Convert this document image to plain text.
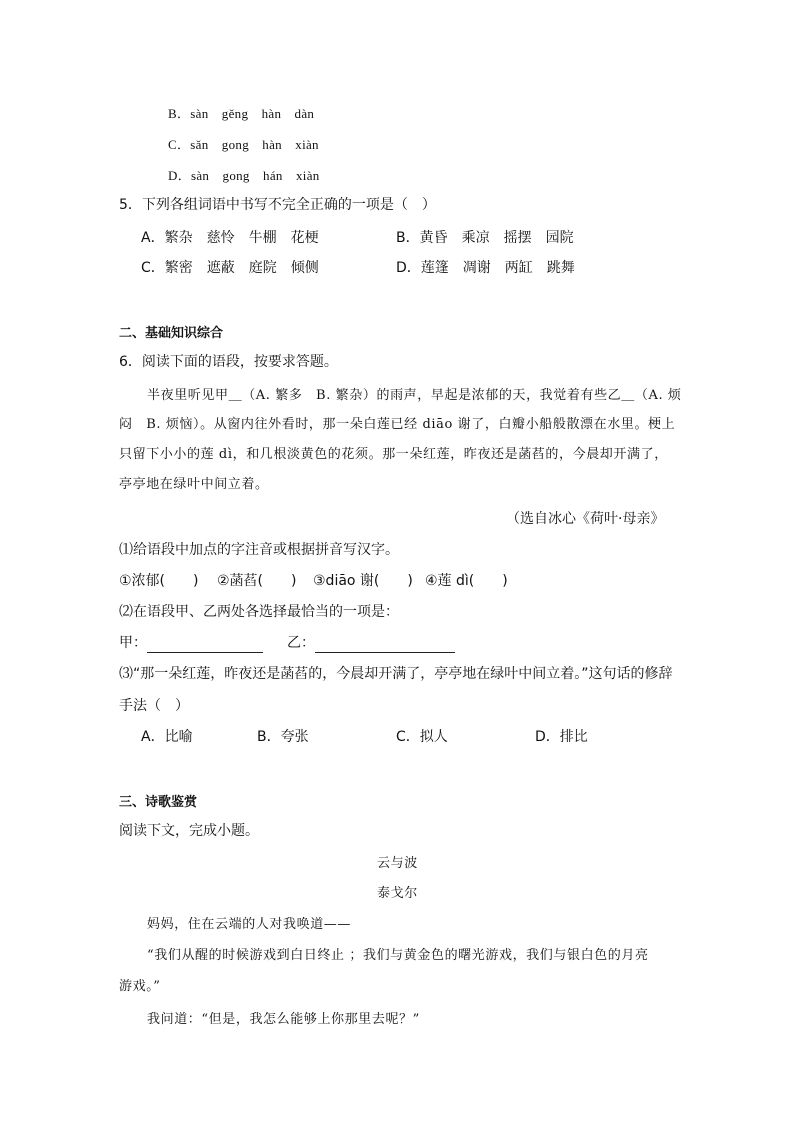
B．sàn　gěng　hàn　dàn
C．sǎn　gong　hàn　xiàn
D．sàn　gong　hán　xiàn
5．下列各组词语中书写不完全正确的一项是（　）
A．繁杂　慈怜　牛棚　花梗	B．黄昏　乘凉　摇摆　园院
C．繁密　遮蔽　庭院　倾侧	D．莲篷　凋谢　两缸　跳舞
二、基础知识综合
6．阅读下面的语段，按要求答题。
半夜里听见甲＿（A. 繁多　B. 繁杂）的雨声，早起是浓郁的天，我觉着有些乙＿（A. 烦
闷　B. 烦恼）。从窗内往外看时，那一朵白莲已经 diāo 谢了，白瓣小船般散漂在水里。梗上
只留下小小的莲 dì，和几根淡黄色的花须。那一朵红莲，昨夜还是菡萏的，今晨却开满了，
亭亭地在绿叶中间立着。
（选自冰心《荷叶·母亲》
⑴给语段中加点的字注音或根据拼音写汉字。
①浓郁(　　) ②菡萏(　　) ③diāo 谢(　　) ④莲 dì(　　)
⑵在语段甲、乙两处各选择最恰当的一项是：
甲：	乙：
⑶“那一朵红莲，昨夜还是菡萏的，今晨却开满了，亭亭地在绿叶中间立着。”这句话的修辞
手法（　）
A．比喻	B．夸张	C．拟人	D．排比
三、诗歌鉴赏
阅读下文，完成小题。
云与波
泰戈尔
妈妈，住在云端的人对我唤道——
“我们从醒的时候游戏到白日终止 ；我们与黄金色的曙光游戏，我们与银白色的月亮
游戏。”
我问道：“但是，我怎么能够上你那里去呢？”
